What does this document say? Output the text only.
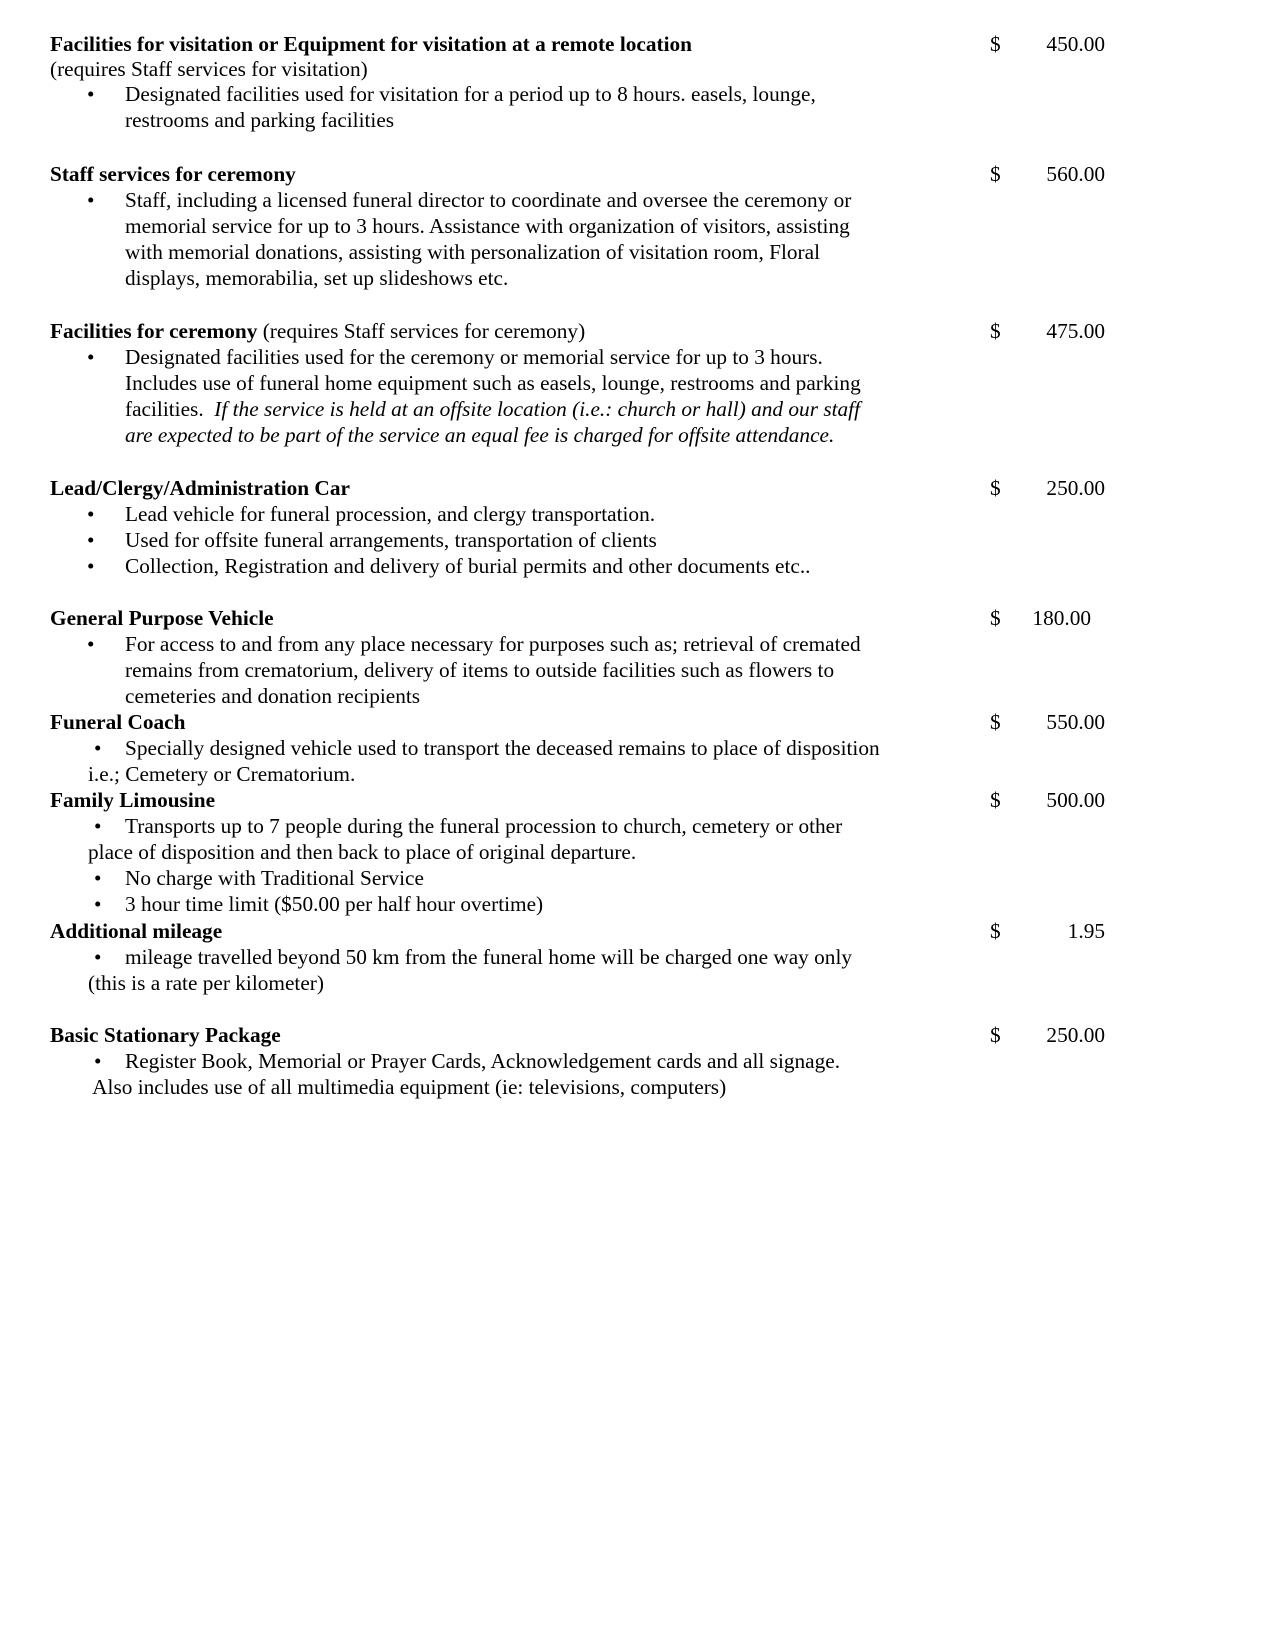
Facilities for visitation or Equipment for visitation at a remote location	$	450.00
(requires Staff services for visitation)
• Designated facilities used for visitation for a period up to 8 hours. easels, lounge,
restrooms and parking facilities
Staff services for ceremony	$	560.00
• Staff, including a licensed funeral director to coordinate and oversee the ceremony or
memorial service for up to 3 hours. Assistance with organization of visitors, assisting
with memorial donations, assisting with personalization of visitation room, Floral
displays, memorabilia, set up slideshows etc.
Facilities for ceremony (requires Staff services for ceremony)	$	475.00
• Designated facilities used for the ceremony or memorial service for up to 3 hours.
Includes use of funeral home equipment such as easels, lounge, restrooms and parking
facilities.  If the service is held at an offsite location (i.e.: church or hall) and our staff
are expected to be part of the service an equal fee is charged for offsite attendance.
Lead/Clergy/Administration Car	$	250.00
• Lead vehicle for funeral procession, and clergy transportation.
• Used for offsite funeral arrangements, transportation of clients
• Collection, Registration and delivery of burial permits and other documents etc..
General Purpose Vehicle	$	180.00
• For access to and from any place necessary for purposes such as; retrieval of cremated
remains from crematorium, delivery of items to outside facilities such as flowers to
cemeteries and donation recipients
Funeral Coach	$	550.00
• Specially designed vehicle used to transport the deceased remains to place of disposition
i.e.; Cemetery or Crematorium.
Family Limousine	$	500.00
• Transports up to 7 people during the funeral procession to church, cemetery or other
place of disposition and then back to place of original departure.
• No charge with Traditional Service
• 3 hour time limit ($50.00 per half hour overtime)
Additional mileage	$	1.95
• mileage travelled beyond 50 km from the funeral home will be charged one way only
(this is a rate per kilometer)
Basic Stationary Package	$	250.00
• Register Book, Memorial or Prayer Cards, Acknowledgement cards and all signage.
Also includes use of all multimedia equipment (ie: televisions, computers)
